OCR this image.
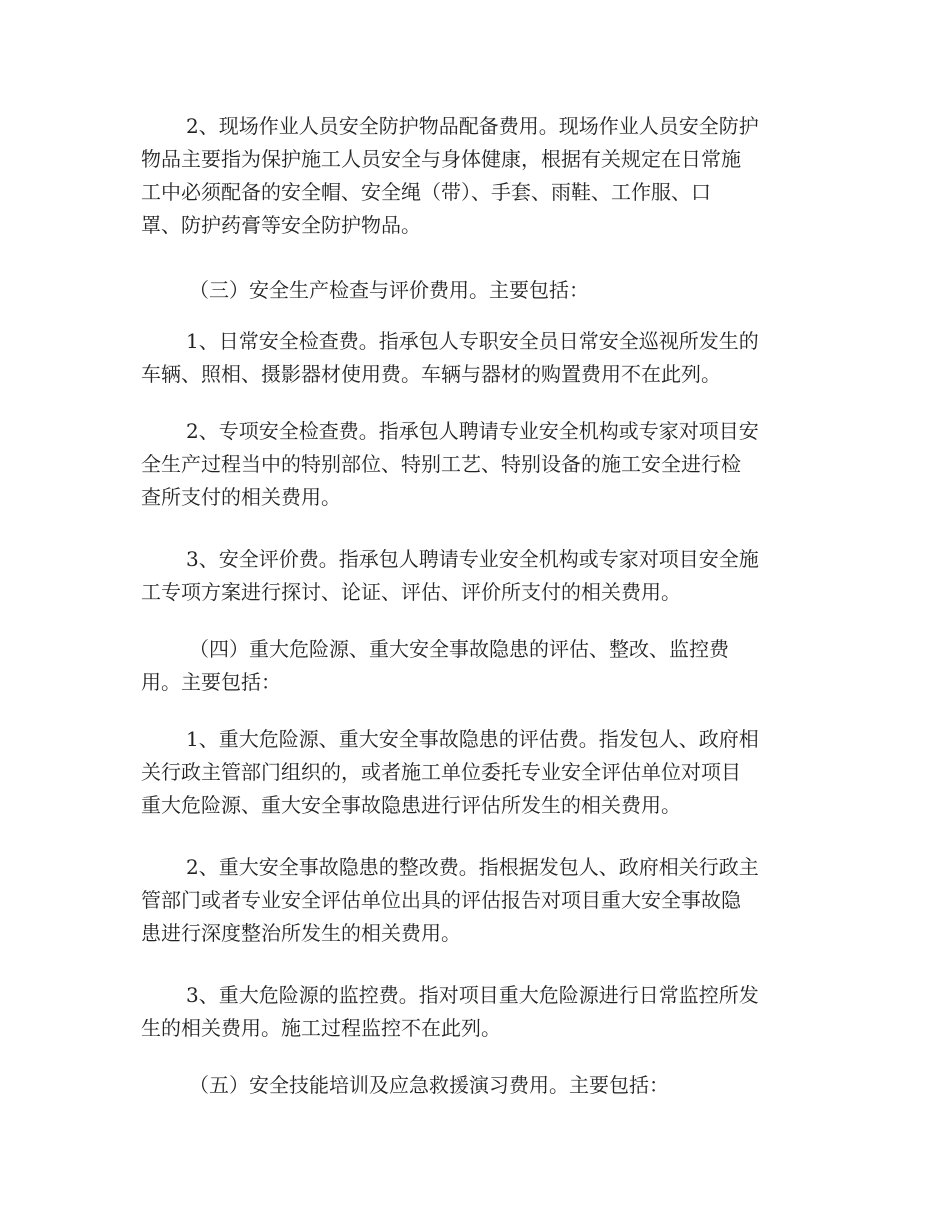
2、现场作业人员安全防护物品配备费用。现场作业人员安全防护
物品主要指为保护施工人员安全与身体健康，根据有关规定在日常施
工中必须配备的安全帽、安全绳（带）、手套、雨鞋、工作服、口
罩、防护药膏等安全防护物品。
（三）安全生产检查与评价费用。主要包括：
1、日常安全检查费。指承包人专职安全员日常安全巡视所发生的
车辆、照相、摄影器材使用费。车辆与器材的购置费用不在此列。
2、专项安全检查费。指承包人聘请专业安全机构或专家对项目安
全生产过程当中的特别部位、特别工艺、特别设备的施工安全进行检
查所支付的相关费用。
3、安全评价费。指承包人聘请专业安全机构或专家对项目安全施
工专项方案进行探讨、论证、评估、评价所支付的相关费用。
（四）重大危险源、重大安全事故隐患的评估、整改、监控费
用。主要包括：
1、重大危险源、重大安全事故隐患的评估费。指发包人、政府相
关行政主管部门组织的，或者施工单位委托专业安全评估单位对项目
重大危险源、重大安全事故隐患进行评估所发生的相关费用。
2、重大安全事故隐患的整改费。指根据发包人、政府相关行政主
管部门或者专业安全评估单位出具的评估报告对项目重大安全事故隐
患进行深度整治所发生的相关费用。
3、重大危险源的监控费。指对项目重大危险源进行日常监控所发
生的相关费用。施工过程监控不在此列。
（五）安全技能培训及应急救援演习费用。主要包括：
